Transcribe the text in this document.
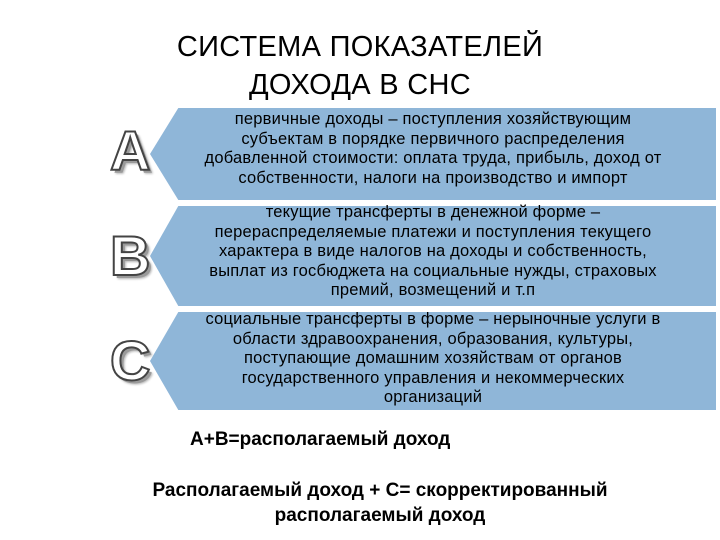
СИСТЕМА ПОКАЗАТЕЛЕЙ
ДОХОДА В СНС
A	первичные доходы – поступления хозяйствующим
субъектам в порядке первичного распределения
добавленной стоимости: оплата труда, прибыль, доход от
собственности, налоги на производство и импорт
B
текущие трансферты в денежной форме –
перераспределяемые платежи и поступления текущего
характера в виде налогов на доходы и собственность,
выплат из госбюджета на социальные нужды, страховых
премий, возмещений и т.п
C
социальные трансферты в форме – нерыночные услуги в
области здравоохранения, образования, культуры,
поступающие домашним хозяйствам от органов
государственного управления и некоммерческих
организаций
А+В=располагаемый доход
Располагаемый доход + С= скорректированный
располагаемый доход
